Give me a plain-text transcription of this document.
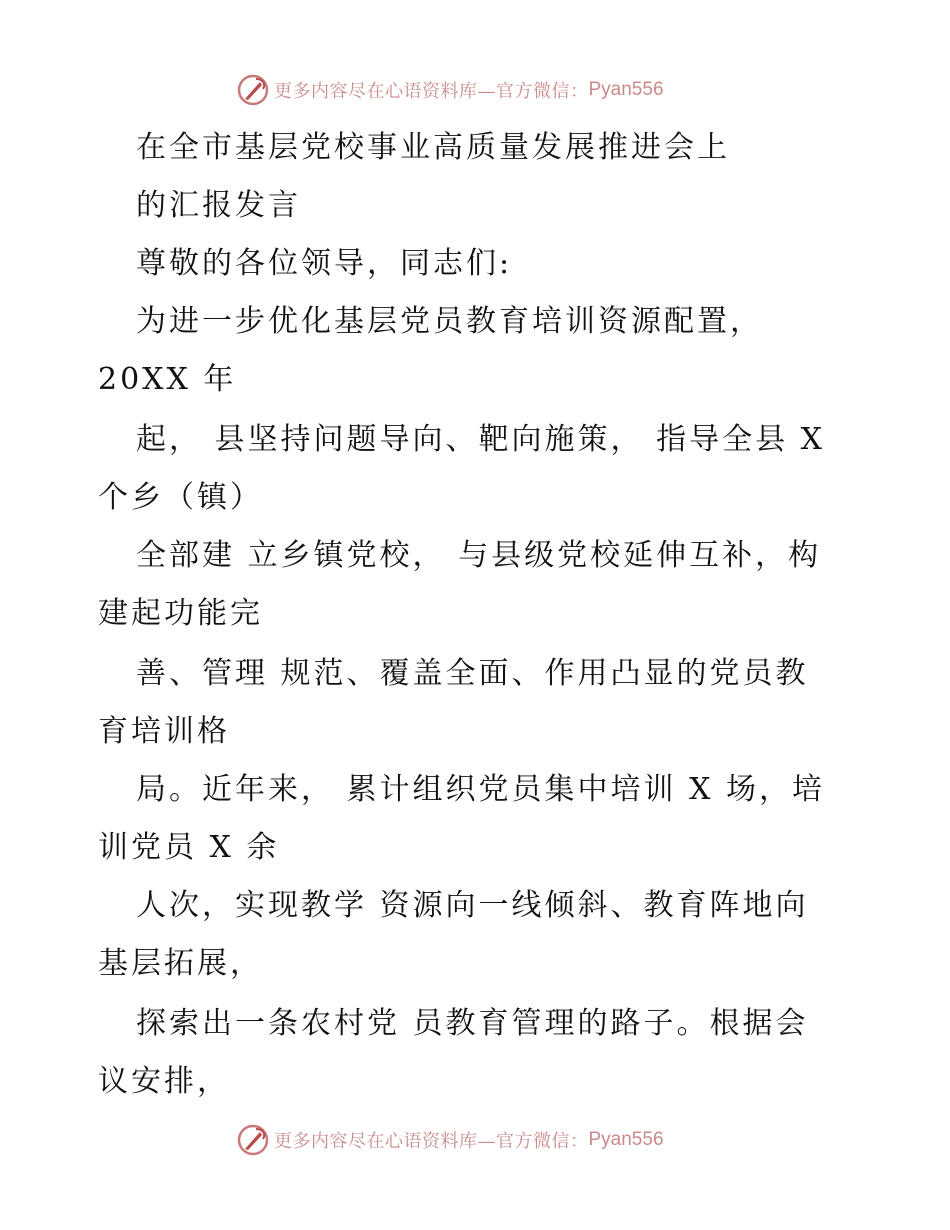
更多内容尽在心语资料库—官方微信： Pyan556
在全市基层党校事业高质量发展推进会上
的汇报发言
尊敬的各位领导，同志们:
为进一步优化基层党员教育培训资源配置，
20XX 年
起， 县坚持问题导向、靶向施策， 指导全县 X
个乡（镇）
全部建 立乡镇党校， 与县级党校延伸互补，构
建起功能完
善、管理 规范、覆盖全面、作用凸显的党员教
育培训格
局。近年来， 累计组织党员集中培训 X 场，培
训党员 X 余
人次，实现教学 资源向一线倾斜、教育阵地向
基层拓展，
探索出一条农村党 员教育管理的路子。根据会
议安排，
更多内容尽在心语资料库—官方微信： Pyan556
